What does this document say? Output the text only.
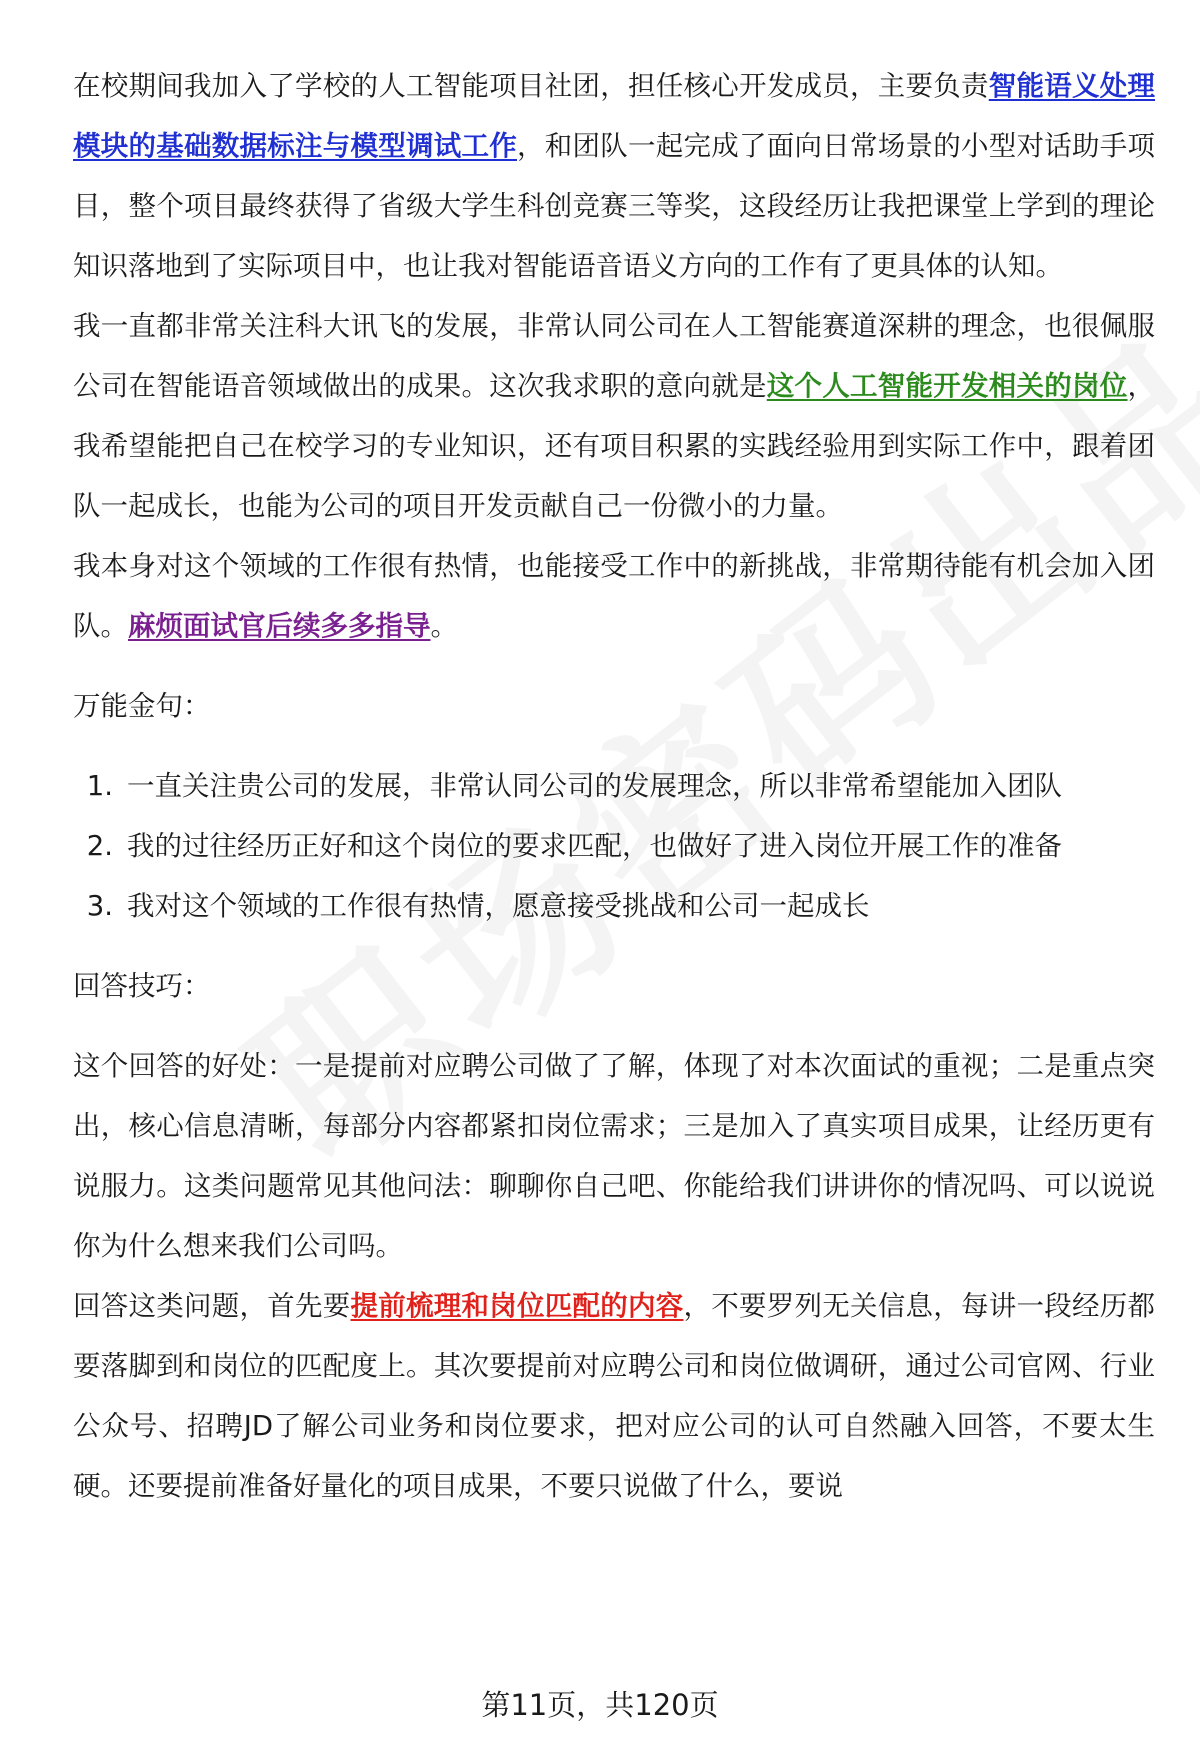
在校期间我加入了学校的人工智能项目社团，担任核心开发成员，主要负责智能语义处理模块的基础数据标注与模型调试工作，和团队一起完成了面向日常场景的小型对话助手项目，整个项目最终获得了省级大学生科创竞赛三等奖，这段经历让我把课堂上学到的理论知识落地到了实际项目中，也让我对智能语音语义方向的工作有了更具体的认知。

我一直都非常关注科大讯飞的发展，非常认同公司在人工智能赛道深耕的理念，也很佩服公司在智能语音领域做出的成果。这次我求职的意向就是这个人工智能开发相关的岗位，我希望能把自己在校学习的专业知识，还有项目积累的实践经验用到实际工作中，跟着团队一起成长，也能为公司的项目开发贡献自己一份微小的力量。

我本身对这个领域的工作很有热情，也能接受工作中的新挑战，非常期待能有机会加入团队。麻烦面试官后续多多指导。

万能金句：

1. 一直关注贵公司的发展，非常认同公司的发展理念，所以非常希望能加入团队
2. 我的过往经历正好和这个岗位的要求匹配，也做好了进入岗位开展工作的准备
3. 我对这个领域的工作很有热情，愿意接受挑战和公司一起成长

回答技巧：

这个回答的好处：一是提前对应聘公司做了了解，体现了对本次面试的重视；二是重点突出，核心信息清晰，每部分内容都紧扣岗位需求；三是加入了真实项目成果，让经历更有说服力。这类问题常见其他问法：聊聊你自己吧、你能给我们讲讲你的情况吗、可以说说你为什么想来我们公司吗。

回答这类问题，首先要提前梳理和岗位匹配的内容，不要罗列无关信息，每讲一段经历都要落脚到和岗位的匹配度上。其次要提前对应聘公司和岗位做调研，通过公司官网、行业公众号、招聘JD了解公司业务和岗位要求，把对应公司的认可自然融入回答，不要太生硬。还要提前准备好量化的项目成果，不要只说做了什么，要说

第11页，共120页
